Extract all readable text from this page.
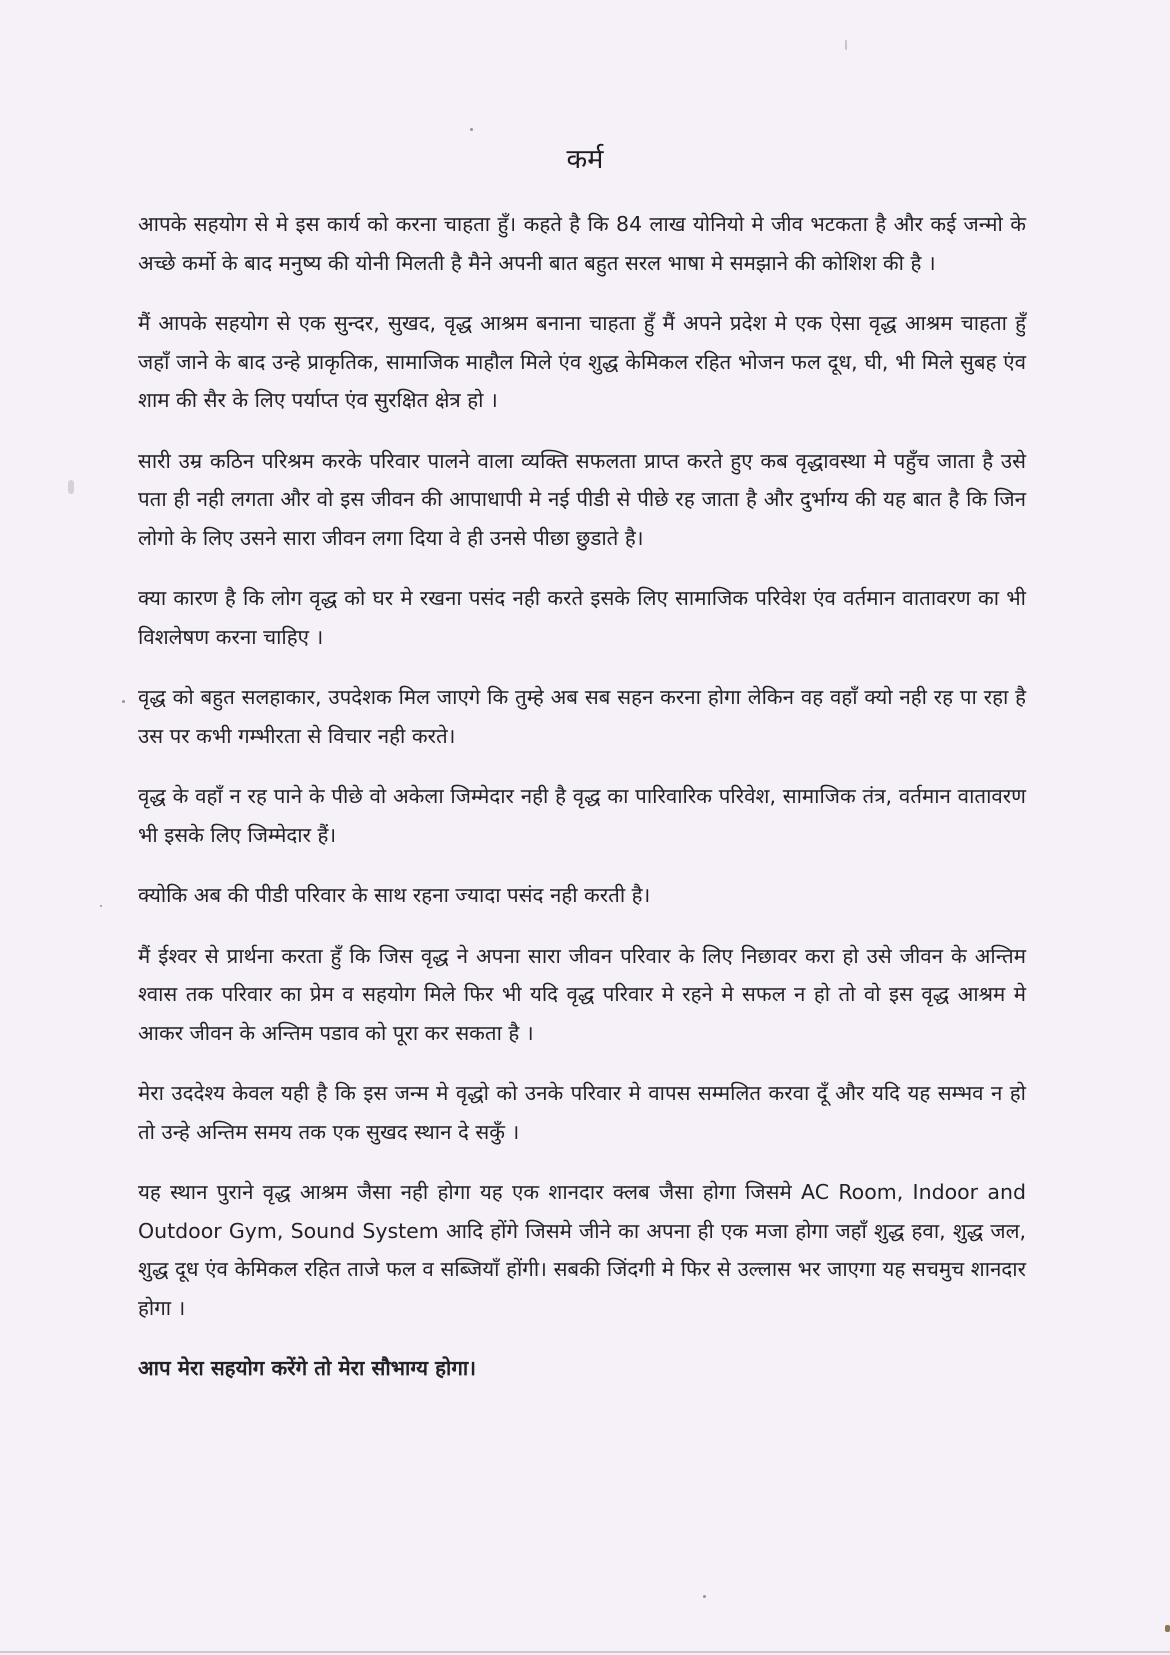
कर्म

आपके सहयोग से मे इस कार्य को करना चाहता हुँ। कहते है कि 84 लाख योनियो मे जीव भटकता है और कई जन्मो के अच्छे कर्मो के बाद मनुष्य की योनी मिलती है मैने अपनी बात बहुत सरल भाषा मे समझाने की कोशिश की है ।

मैं आपके सहयोग से एक सुन्दर, सुखद, वृद्ध आश्रम बनाना चाहता हुँ मैं अपने प्रदेश मे एक ऐसा वृद्ध आश्रम चाहता हुँ जहाँ जाने के बाद उन्हे प्राकृतिक, सामाजिक माहौल मिले एंव शुद्ध केमिकल रहित भोजन फल दूध, घी, भी मिले सुबह एंव शाम की सैर के लिए पर्याप्त एंव सुरक्षित क्षेत्र हो ।

सारी उम्र कठिन परिश्रम करके परिवार पालने वाला व्यक्ति सफलता प्राप्त करते हुए कब वृद्धावस्था मे पहुँच जाता है उसे पता ही नही लगता और वो इस जीवन की आपाधापी मे नई पीडी से पीछे रह जाता है और दुर्भाग्य की यह बात है कि जिन लोगो के लिए उसने सारा जीवन लगा दिया वे ही उनसे पीछा छुडाते है।

क्या कारण है कि लोग वृद्ध को घर मे रखना पसंद नही करते इसके लिए सामाजिक परिवेश एंव वर्तमान वातावरण का भी विशलेषण करना चाहिए ।

वृद्ध को बहुत सलहाकार, उपदेशक मिल जाएगे कि तुम्हे अब सब सहन करना होगा लेकिन वह वहाँ क्यो नही रह पा रहा है उस पर कभी गम्भीरता से विचार नही करते।

वृद्ध के वहाँ न रह पाने के पीछे वो अकेला जिम्मेदार नही है वृद्ध का पारिवारिक परिवेश, सामाजिक तंत्र, वर्तमान वातावरण भी इसके लिए जिम्मेदार हैं।

क्योकि अब की पीडी परिवार के साथ रहना ज्यादा पसंद नही करती है।

मैं ईश्वर से प्रार्थना करता हुँ कि जिस वृद्ध ने अपना सारा जीवन परिवार के लिए निछावर करा हो उसे जीवन के अन्तिम श्वास तक परिवार का प्रेम व सहयोग मिले फिर भी यदि वृद्ध परिवार मे रहने मे सफल न हो तो वो इस वृद्ध आश्रम मे आकर जीवन के अन्तिम पडाव को पूरा कर सकता है ।

मेरा उददेश्य केवल यही है कि इस जन्म मे वृद्धो को उनके परिवार मे वापस सम्मलित करवा दूँ और यदि यह सम्भव न हो तो उन्हे अन्तिम समय तक एक सुखद स्थान दे सकुँ ।

यह स्थान पुराने वृद्ध आश्रम जैसा नही होगा यह एक शानदार क्लब जैसा होगा जिसमे AC Room, Indoor and Outdoor Gym, Sound System आदि होंगे जिसमे जीने का अपना ही एक मजा होगा जहाँ शुद्ध हवा, शुद्ध जल, शुद्ध दूध एंव केमिकल रहित ताजे फल व सब्जियाँ होंगी। सबकी जिंदगी मे फिर से उल्लास भर जाएगा यह सचमुच शानदार होगा ।

आप मेरा सहयोग करेंगे तो मेरा सौभाग्य होगा।
